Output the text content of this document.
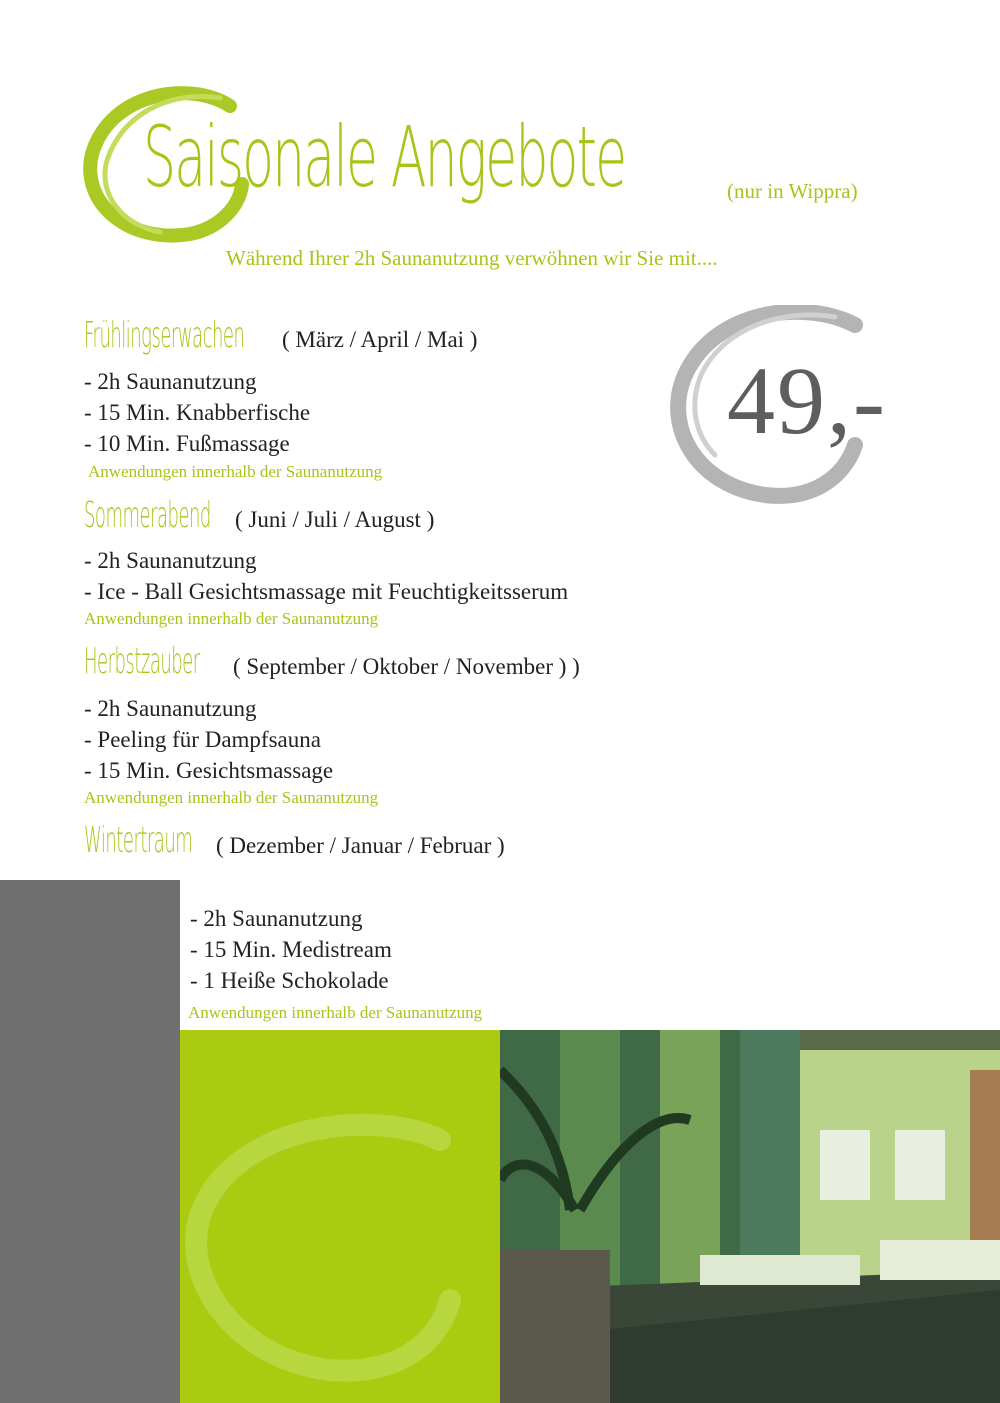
Saisonale Angebote	(nur in Wippra)
Während Ihrer 2h Saunanutzung verwöhnen wir Sie mit....
49,-
Frühlingserwachen ( März / April / Mai )
- 2h Saunanutzung
- 15 Min. Knabberfische
- 10 Min. Fußmassage
Anwendungen innerhalb der Saunanutzung
Sommerabend ( Juni / Juli / August )
- 2h Saunanutzung
- Ice - Ball Gesichtsmassage mit Feuchtigkeitsserum
Anwendungen innerhalb der Saunanutzung
Herbstzauber ( September / Oktober / November ) )
- 2h Saunanutzung
- Peeling für Dampfsauna
- 15 Min. Gesichtsmassage
Anwendungen innerhalb der Saunanutzung
Wintertraum ( Dezember / Januar / Februar )
- 2h Saunanutzung
- 15 Min. Medistream
- 1 Heiße Schokolade
Anwendungen innerhalb der Saunanutzung
